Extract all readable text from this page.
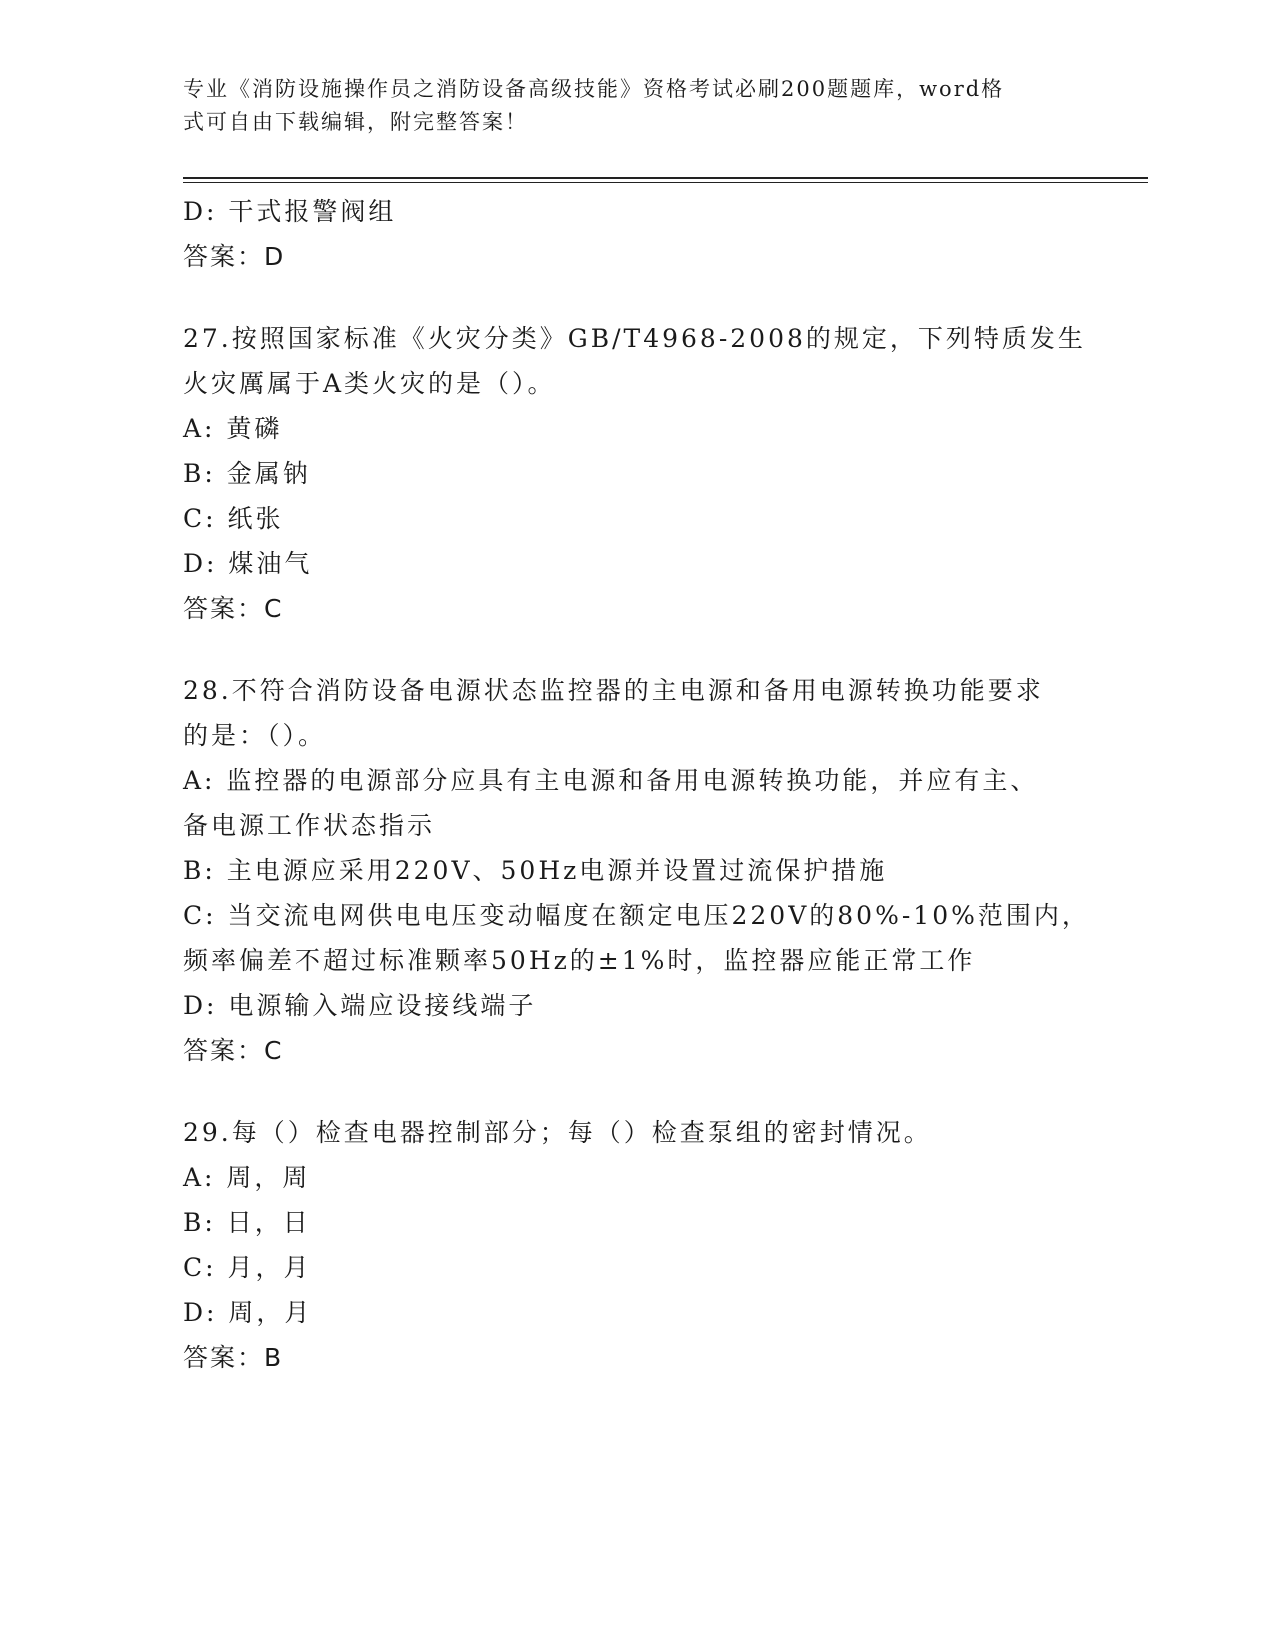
专业《消防设施操作员之消防设备高级技能》资格考试必刷200题题库，word格
式可自由下载编辑，附完整答案！
D: 干式报警阀组
答案：D
27.按照国家标准《火灾分类》GB/T4968-2008的规定，下列特质发生
火灾厲属于A类火灾的是（）。
A: 黄磷
B: 金属钠
C: 纸张
D: 煤油气
答案：C
28.不符合消防设备电源状态监控器的主电源和备用电源转换功能要求
的是：（）。
A: 监控器的电源部分应具有主电源和备用电源转换功能，并应有主、
备电源工作状态指示
B: 主电源应采用220V、50Hz电源并设置过流保护措施
C: 当交流电网供电电压变动幅度在额定电压220V的80%-10%范围内，
频率偏差不超过标准颗率50Hz的±1%时，监控器应能正常工作
D: 电源输入端应设接线端子
答案：C
29.每（）检查电器控制部分；每（）检查泵组的密封情况。
A: 周，周
B: 日，日
C: 月，月
D: 周，月
答案：B
